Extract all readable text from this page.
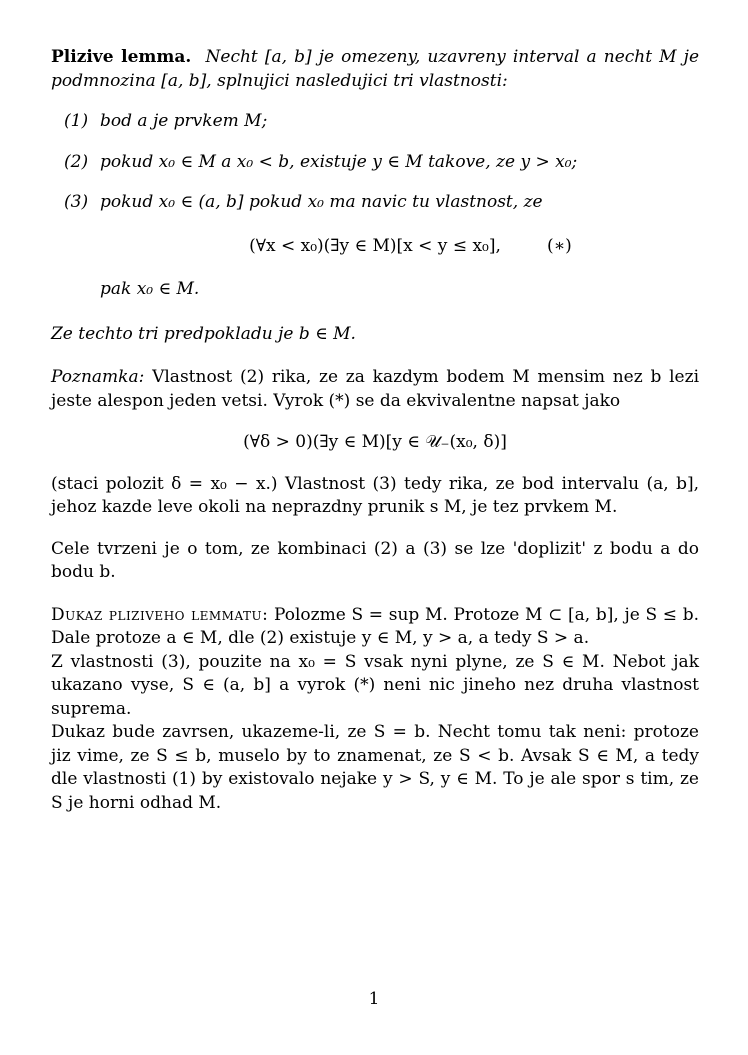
Plizive lemma. Necht [a, b] je omezeny, uzavreny interval a necht M je podmnozina [a, b], splnujici nasledujici tri vlastnosti:

(1) bod a je prvkem M;

(2) pokud x₀ ∈ M a x₀ < b, existuje y ∈ M takove, ze y > x₀;

(3) pokud x₀ ∈ (a, b] pokud x₀ ma navic tu vlastnost, ze

(∀x < x₀)(∃y ∈ M)[x < y ≤ x₀],	(∗)

pak x₀ ∈ M.

Ze techto tri predpokladu je b ∈ M.

Poznamka: Vlastnost (2) rika, ze za kazdym bodem M mensim nez b lezi jeste alespon jeden vetsi. Vyrok (*) se da ekvivalentne napsat jako

(∀δ > 0)(∃y ∈ M)[y ∈ 𝒰₋(x₀, δ)]

(staci polozit δ = x₀ − x.) Vlastnost (3) tedy rika, ze bod intervalu (a, b], jehoz kazde leve okoli na neprazdny prunik s M, je tez prvkem M.

Cele tvrzeni je o tom, ze kombinaci (2) a (3) se lze 'doplizit' z bodu a do bodu b.

Dukaz pliziveho lemmatu: Polozme S = sup M. Protoze M ⊂ [a, b], je S ≤ b. Dale protoze a ∈ M, dle (2) existuje y ∈ M, y > a, a tedy S > a.

Z vlastnosti (3), pouzite na x₀ = S vsak nyni plyne, ze S ∈ M. Nebot jak ukazano vyse, S ∈ (a, b] a vyrok (*) neni nic jineho nez druha vlastnost suprema.

Dukaz bude zavrsen, ukazeme-li, ze S = b. Necht tomu tak neni: protoze jiz vime, ze S ≤ b, muselo by to znamenat, ze S < b. Avsak S ∈ M, a tedy dle vlastnosti (1) by existovalo nejake y > S, y ∈ M. To je ale spor s tim, ze S je horni odhad M.

1
